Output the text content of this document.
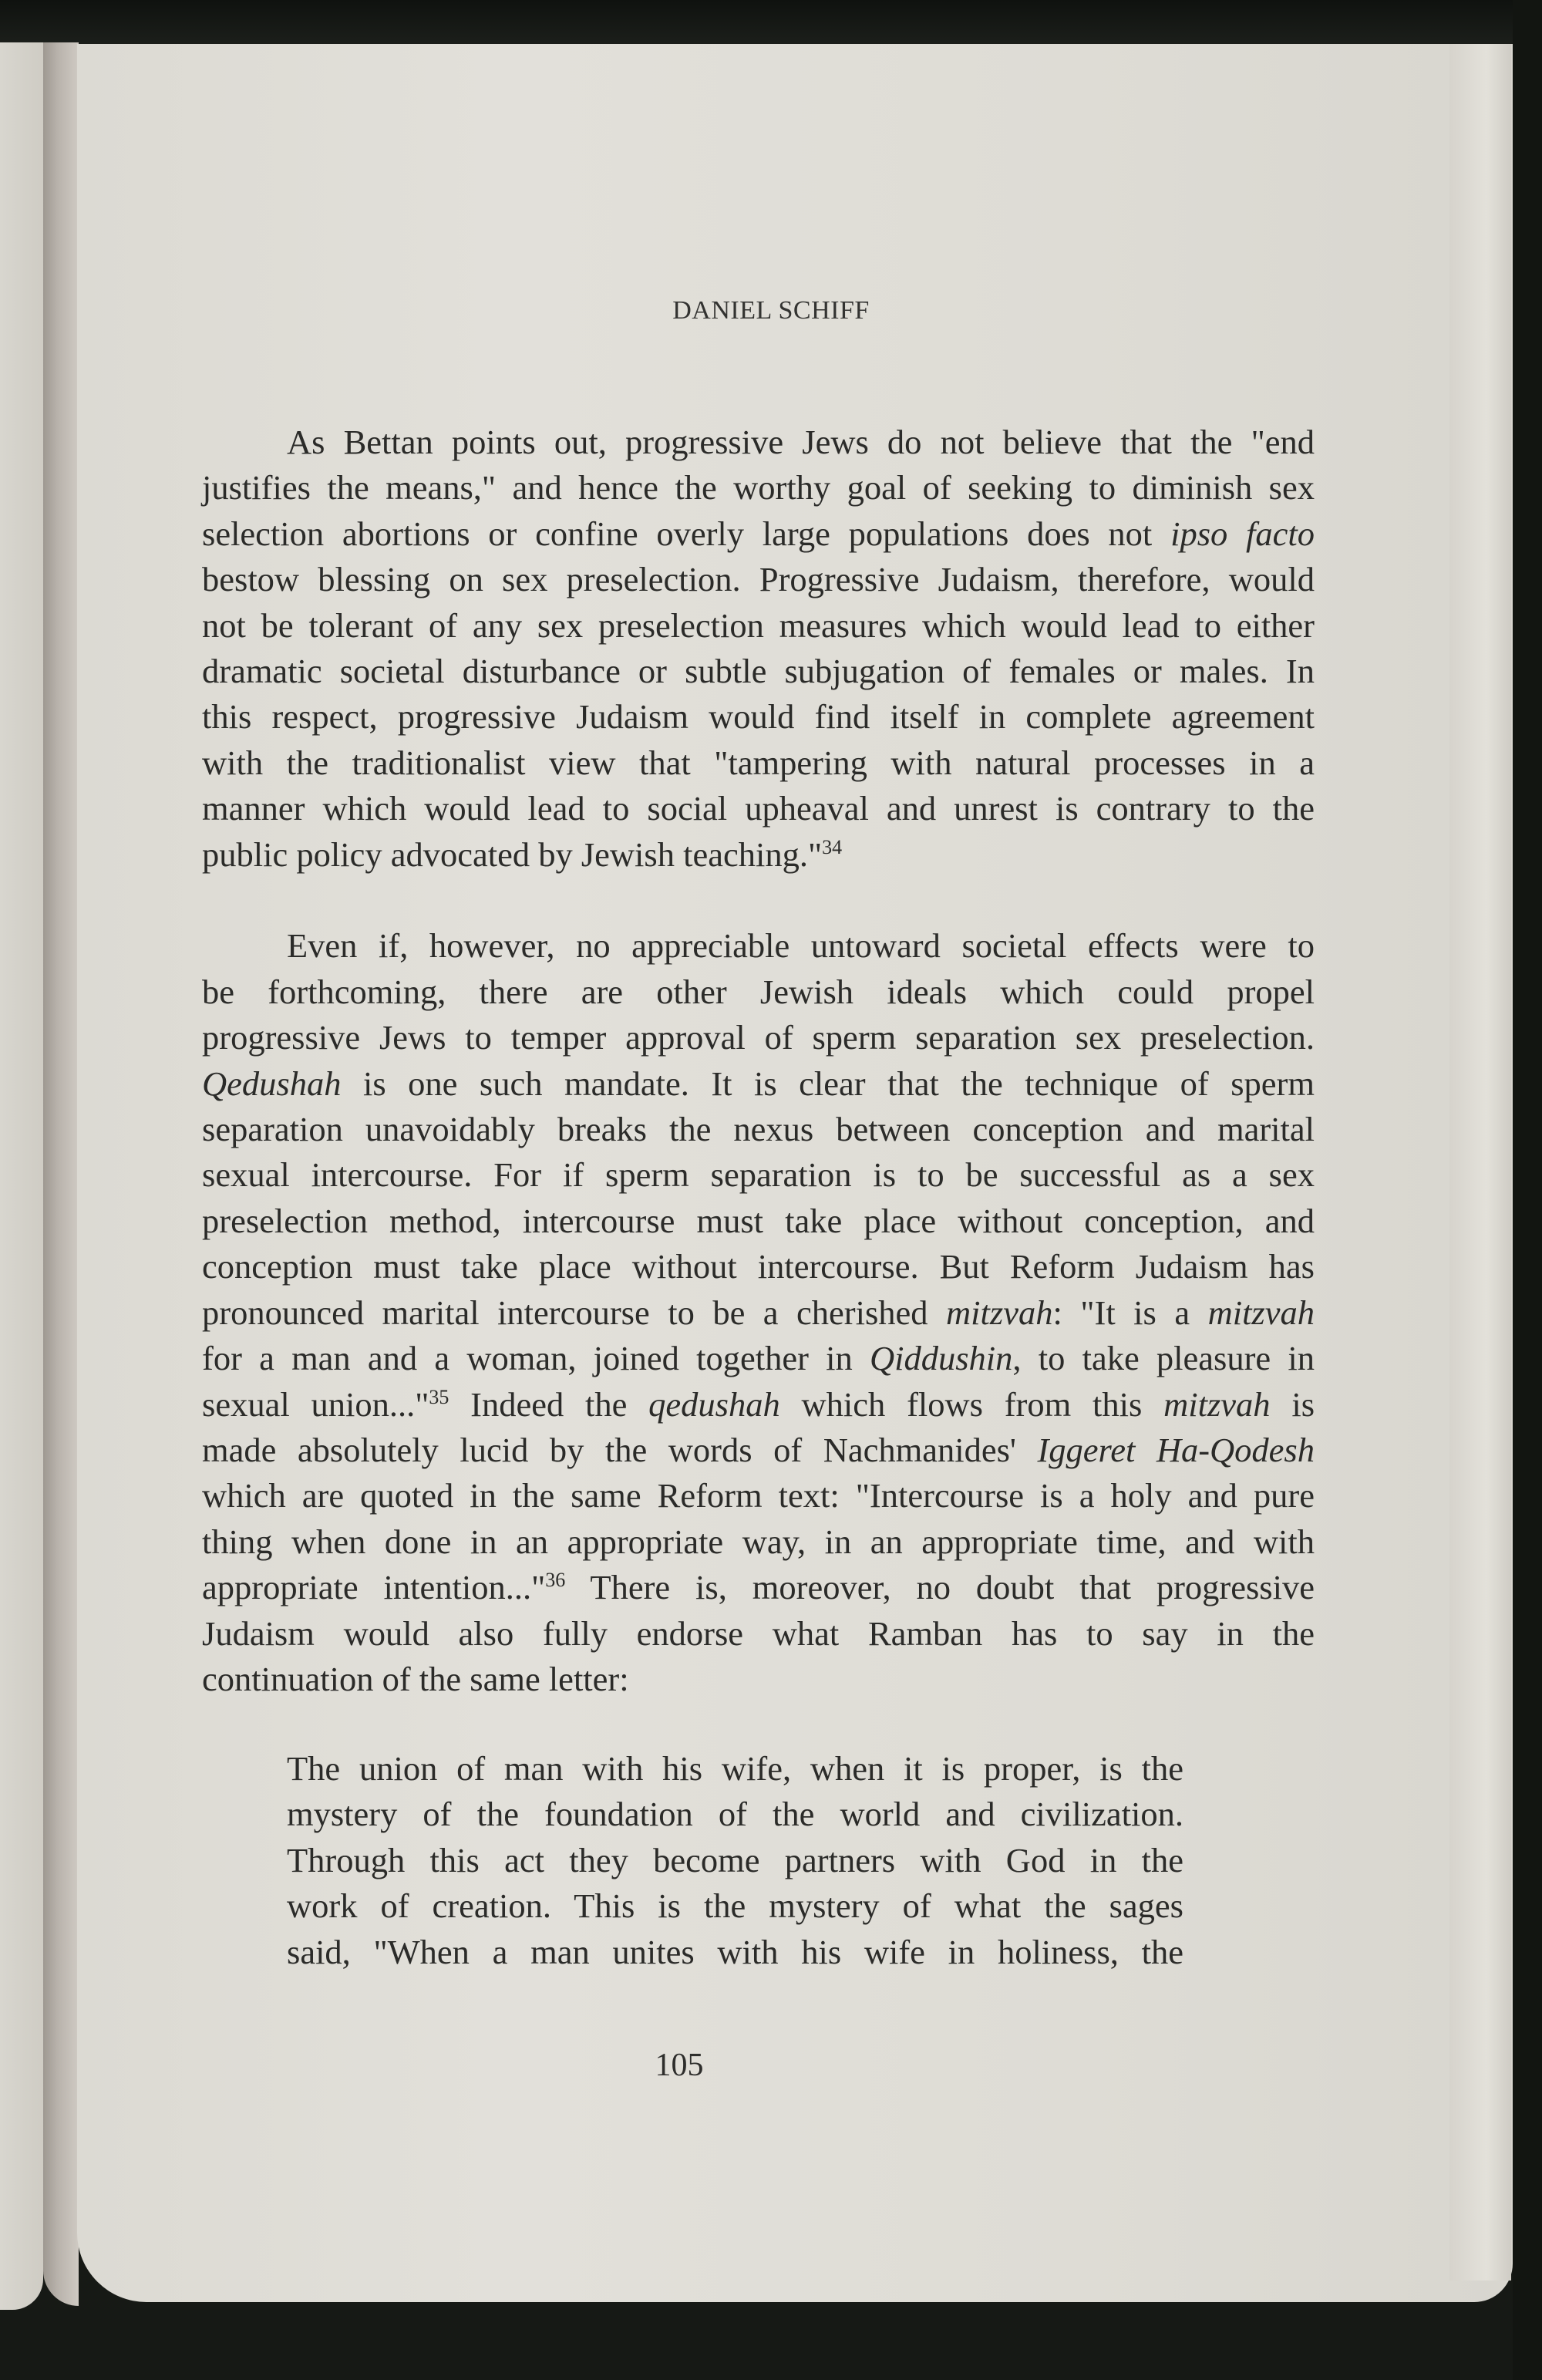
DANIEL SCHIFF

As Bettan points out, progressive Jews do not believe that the "end
justifies the means," and hence the worthy goal of seeking to diminish sex
selection abortions or confine overly large populations does not ipso facto
bestow blessing on sex preselection. Progressive Judaism, therefore, would
not be tolerant of any sex preselection measures which would lead to either
dramatic societal disturbance or subtle subjugation of females or males. In
this respect, progressive Judaism would find itself in complete agreement
with the traditionalist view that "tampering with natural processes in a
manner which would lead to social upheaval and unrest is contrary to the
public policy advocated by Jewish teaching."$^{34}$

Even if, however, no appreciable untoward societal effects were to
be forthcoming, there are other Jewish ideals which could propel
progressive Jews to temper approval of sperm separation sex preselection.
Qedushah is one such mandate. It is clear that the technique of sperm
separation unavoidably breaks the nexus between conception and marital
sexual intercourse. For if sperm separation is to be successful as a sex
preselection method, intercourse must take place without conception, and
conception must take place without intercourse. But Reform Judaism has
pronounced marital intercourse to be a cherished mitzvah: "It is a mitzvah
for a man and a woman, joined together in Qiddushin, to take pleasure in
sexual union..."$^{35}$ Indeed the qedushah which flows from this mitzvah is
made absolutely lucid by the words of Nachmanides' Iggeret Ha-Qodesh
which are quoted in the same Reform text: "Intercourse is a holy and pure
thing when done in an appropriate way, in an appropriate time, and with
appropriate intention..."$^{36}$ There is, moreover, no doubt that progressive
Judaism would also fully endorse what Ramban has to say in the
continuation of the same letter:

The union of man with his wife, when it is proper, is the
mystery of the foundation of the world and civilization.
Through this act they become partners with God in the
work of creation. This is the mystery of what the sages
said, "When a man unites with his wife in holiness, the

105
